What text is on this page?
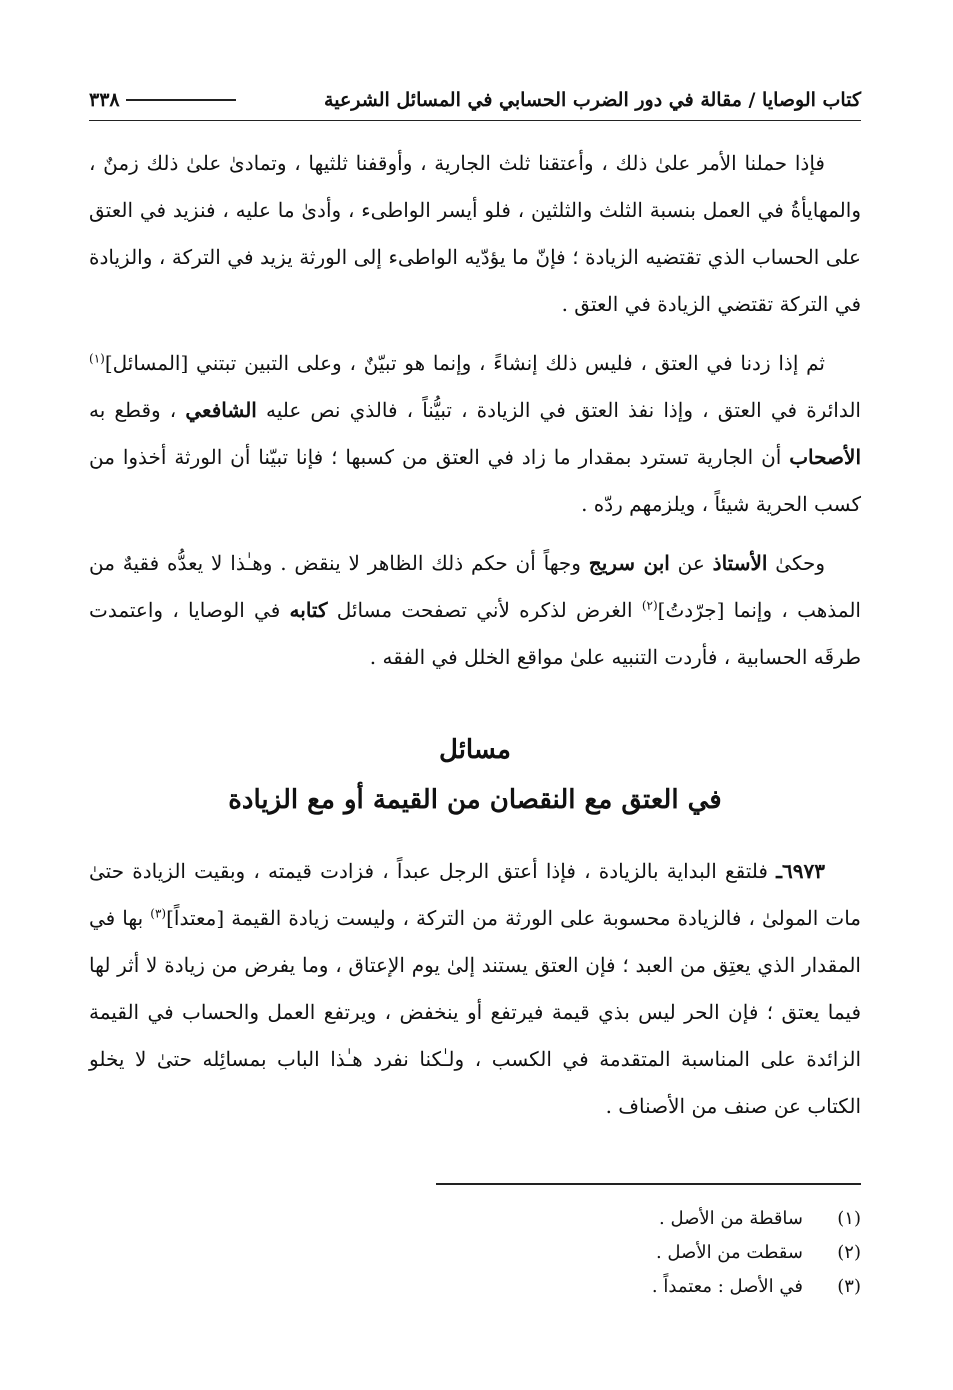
كتاب الوصايا / مقالة في دور الضرب الحسابي في المسائل الشرعية
٣٣٨

فإذا حملنا الأمر علىٰ ذلك ، وأعتقنا ثلث الجارية ، وأوقفنا ثلثيها ، وتمادىٰ علىٰ ذلك زمنٌ ، والمهايأةُ في العمل بنسبة الثلث والثلثين ، فلو أيسر الواطىء ، وأدىٰ ما عليه ، فنزيد في العتق على الحساب الذي تقتضيه الزيادة ؛ فإنّ ما يؤدّيه الواطىء إلى الورثة يزيد في التركة ، والزيادة في التركة تقتضي الزيادة في العتق .

ثم إذا زدنا في العتق ، فليس ذلك إنشاءً ، وإنما هو تبيّنٌ ، وعلى التبين تبتني [المسائل]$^{(١)}$ الدائرة في العتق ، وإذا نفذ العتق في الزيادة ، تبيُّناً ، فالذي نص عليه الشافعي ، وقطع به الأصحاب أن الجارية تسترد بمقدار ما زاد في العتق من كسبها ؛ فإنا تبيّنا أن الورثة أخذوا من كسب الحرية شيئاً ، ويلزمهم ردّه .

وحكىٰ الأستاذ عن ابن سريج وجهاً أن حكم ذلك الظاهر لا ينقض . وهـٰذا لا يعدُّه فقيهٌ من المذهب ، وإنما [جرّدتُ]$^{(٢)}$ الغرض لذكره لأني تصفحت مسائل كتابه في الوصايا ، واعتمدت طرقَه الحسابية ، فأردت التنبيه علىٰ مواقع الخلل في الفقه .

مسائل

في العتق مع النقصان من القيمة أو مع الزيادة

٦٩٧٣ـ فلتقع البداية بالزيادة ، فإذا أعتق الرجل عبداً ، فزادت قيمته ، وبقيت الزيادة حتىٰ مات المولىٰ ، فالزيادة محسوبة على الورثة من التركة ، وليست زيادة القيمة [معتداً]$^{(٣)}$ بها في المقدار الذي يعتِق من العبد ؛ فإن العتق يستند إلىٰ يوم الإعتاق ، وما يفرض من زيادة لا أثر لها فيما يعتق ؛ فإن الحر ليس بذي قيمة فيرتفع أو ينخفض ، ويرتفع العمل والحساب في القيمة الزائدة على المناسبة المتقدمة في الكسب ، ولـٰكنا نفرد هـٰذا الباب بمسائِله حتىٰ لا يخلو الكتاب عن صنف من الأصناف .

(١)
ساقطة من الأصل .
(٢)
سقطت من الأصل .
(٣)
في الأصل : معتمداً .
